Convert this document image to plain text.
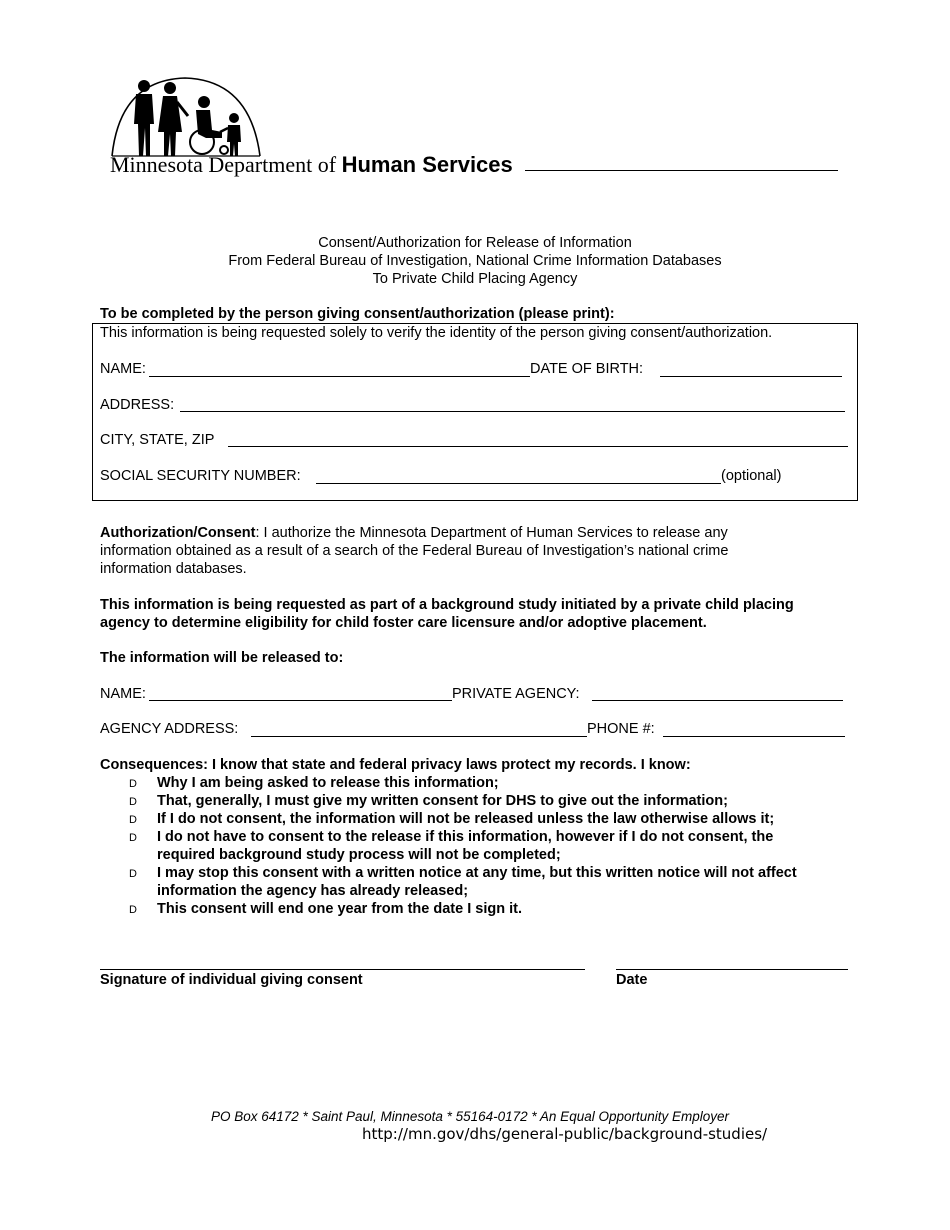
Minnesota Department of Human Services
Consent/Authorization for Release of Information
From Federal Bureau of Investigation, National Crime Information Databases
To Private Child Placing Agency
To be completed by the person giving consent/authorization (please print):
This information is being requested solely to verify the identity of the person giving consent/authorization.
NAME:	DATE OF BIRTH:
ADDRESS:
CITY, STATE, ZIP
SOCIAL SECURITY NUMBER:	(optional)
Authorization/Consent: I authorize the Minnesota Department of Human Services to release any
information obtained as a result of a search of the Federal Bureau of Investigation’s national crime
information databases.
This information is being requested as part of a background study initiated by a private child placing
agency to determine eligibility for child foster care licensure and/or adoptive placement.
The information will be released to:
NAME:	PRIVATE AGENCY:
AGENCY ADDRESS:	PHONE #:
Consequences: I know that state and federal privacy laws protect my records. I know:
D Why I am being asked to release this information;
D That, generally, I must give my written consent for DHS to give out the information;
D If I do not consent, the information will not be released unless the law otherwise allows it;
D I do not have to consent to the release if this information, however if I do not consent, the
required background study process will not be completed;
D I may stop this consent with a written notice at any time, but this written notice will not affect
information the agency has already released;
D This consent will end one year from the date I sign it.
Signature of individual giving consent	Date
PO Box 64172 * Saint Paul, Minnesota * 55164-0172 * An Equal Opportunity Employer
http://mn.gov/dhs/general-public/background-studies/
